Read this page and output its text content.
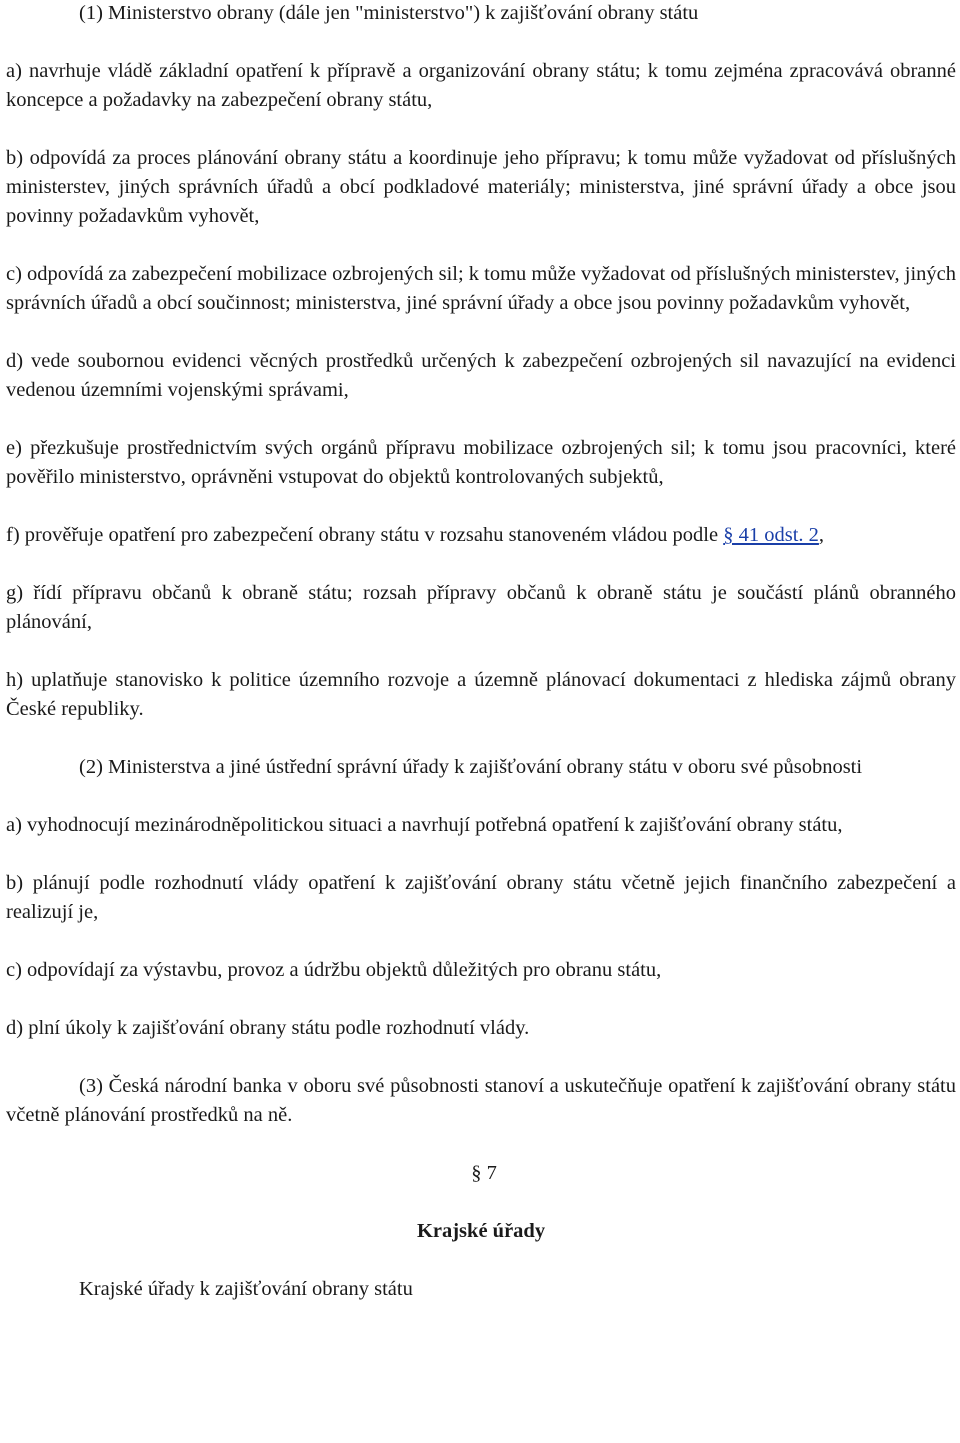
(1) Ministerstvo obrany (dále jen "ministerstvo") k zajišťování obrany státu

a) navrhuje vládě základní opatření k přípravě a organizování obrany státu; k tomu zejména zpracovává obranné koncepce a požadavky na zabezpečení obrany státu,

b) odpovídá za proces plánování obrany státu a koordinuje jeho přípravu; k tomu může vyžadovat od příslušných ministerstev, jiných správních úřadů a obcí podkladové materiály; ministerstva, jiné správní úřady a obce jsou povinny požadavkům vyhovět,

c) odpovídá za zabezpečení mobilizace ozbrojených sil; k tomu může vyžadovat od příslušných ministerstev, jiných správních úřadů a obcí součinnost; ministerstva, jiné správní úřady a obce jsou povinny požadavkům vyhovět,

d) vede soubornou evidenci věcných prostředků určených k zabezpečení ozbrojených sil navazující na evidenci vedenou územními vojenskými správami,

e) přezkušuje prostřednictvím svých orgánů přípravu mobilizace ozbrojených sil; k tomu jsou pracovníci, které pověřilo ministerstvo, oprávněni vstupovat do objektů kontrolovaných subjektů,

f) prověřuje opatření pro zabezpečení obrany státu v rozsahu stanoveném vládou podle § 41 odst. 2,

g) řídí přípravu občanů k obraně státu; rozsah přípravy občanů k obraně státu je součástí plánů obranného plánování,

h) uplatňuje stanovisko k politice územního rozvoje a územně plánovací dokumentaci z hlediska zájmů obrany České republiky.

(2) Ministerstva a jiné ústřední správní úřady k zajišťování obrany státu v oboru své působnosti

a) vyhodnocují mezinárodněpolitickou situaci a navrhují potřebná opatření k zajišťování obrany státu,

b) plánují podle rozhodnutí vlády opatření k zajišťování obrany státu včetně jejich finančního zabezpečení a realizují je,

c) odpovídají za výstavbu, provoz a údržbu objektů důležitých pro obranu státu,

d) plní úkoly k zajišťování obrany státu podle rozhodnutí vlády.

(3) Česká národní banka v oboru své působnosti stanoví a uskutečňuje opatření k zajišťování obrany státu včetně plánování prostředků na ně.

§ 7

Krajské úřady

Krajské úřady k zajišťování obrany státu
